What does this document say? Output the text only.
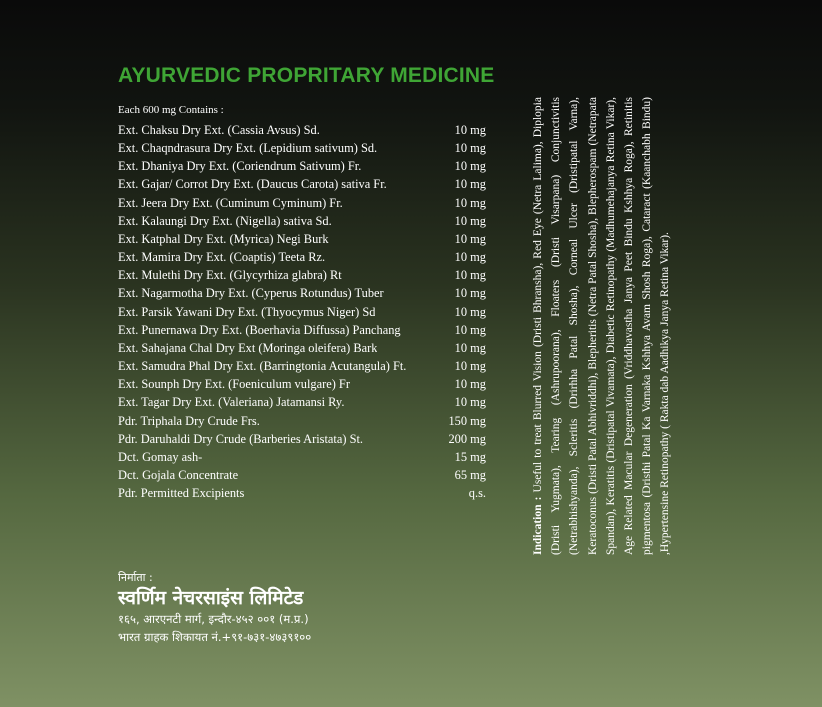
AYURVEDIC PROPRITARY MEDICINE
Each 600 mg Contains :
Ext. Chaksu Dry Ext. (Cassia Avsus) Sd.	10 mg
Ext. Chaqndrasura Dry Ext. (Lepidium sativum) Sd.	10 mg
Ext. Dhaniya Dry Ext. (Coriendrum Sativum) Fr.	10 mg
Ext. Gajar/ Corrot Dry Ext. (Daucus Carota) sativa Fr.	10 mg
Ext. Jeera Dry Ext. (Cuminum Cyminum) Fr.	10 mg
Ext. Kalaungi Dry Ext. (Nigella) sativa Sd.	10 mg
Ext. Katphal Dry Ext. (Myrica) Negi Burk	10 mg
Ext. Mamira Dry Ext. (Coaptis) Teeta Rz.	10 mg
Ext. Mulethi Dry Ext. (Glycyrhiza glabra) Rt	10 mg
Ext. Nagarmotha Dry Ext. (Cyperus Rotundus) Tuber	10 mg
Ext. Parsik Yawani Dry Ext. (Thyocymus Niger) Sd	10 mg
Ext. Punernawa Dry Ext. (Boerhavia Diffussa) Panchang	10 mg
Ext. Sahajana Chal Dry Ext (Moringa oleifera) Bark	10 mg
Ext. Samudra Phal Dry Ext. (Barringtonia Acutangula) Ft.	10 mg
Ext. Sounph Dry Ext. (Foeniculum vulgare) Fr	10 mg
Ext. Tagar Dry Ext. (Valeriana) Jatamansi Ry.	10 mg
Pdr. Triphala Dry Crude Frs.	150 mg
Pdr. Daruhaldi Dry Crude (Barberies Aristata) St.	200 mg
Dct. Gomay ash-	15 mg
Dct. Gojala Concentrate	65 mg
Pdr. Permitted Excipients	q.s.	Indication : Useful to treat Blurred Vision (Dristi Bhransha), Red Eye (Netra Lalima), Diplopia (Dristi Yugmata), Tearing (Ashrupoorana), Floaters (Dristi Visarpana) Conjunctivitis (Netrabhishyanda), Scleritis (Drirhha Patal Shosha), Corneal Ulcer (Dristipatal Varna), Keratoconus (Dristi Patal Abhivriddhi), Blepheritis (Netra Patal Shosha), Blepherospam (Netrapata Spandan), Keratitis (Dristipatal Vivamata), Diabetic Retinopathy (Madhumehajanya Retina Vikar), Age Related Macular Degeneration (Vriddhavastha Janya Peet Bindu Kshhya Roga), Retinitis pigmentosa (Dristhi Patal Ka Varnaka Kshhya Avam Shosh Roga), Cataract (Kaanchabh Bindu) ,Hypertensine Retinopathy ( Rakta dab Aadhikya Janya Retina Vikar).
निर्माता :
स्वर्णिम नेचरसाइंस लिमिटेड
१६५, आरएनटी मार्ग, इन्दौर-४५२ ००१ (म.प्र.)
भारत ग्राहक शिकायत नं.+९१-७३१-४७३९१००
